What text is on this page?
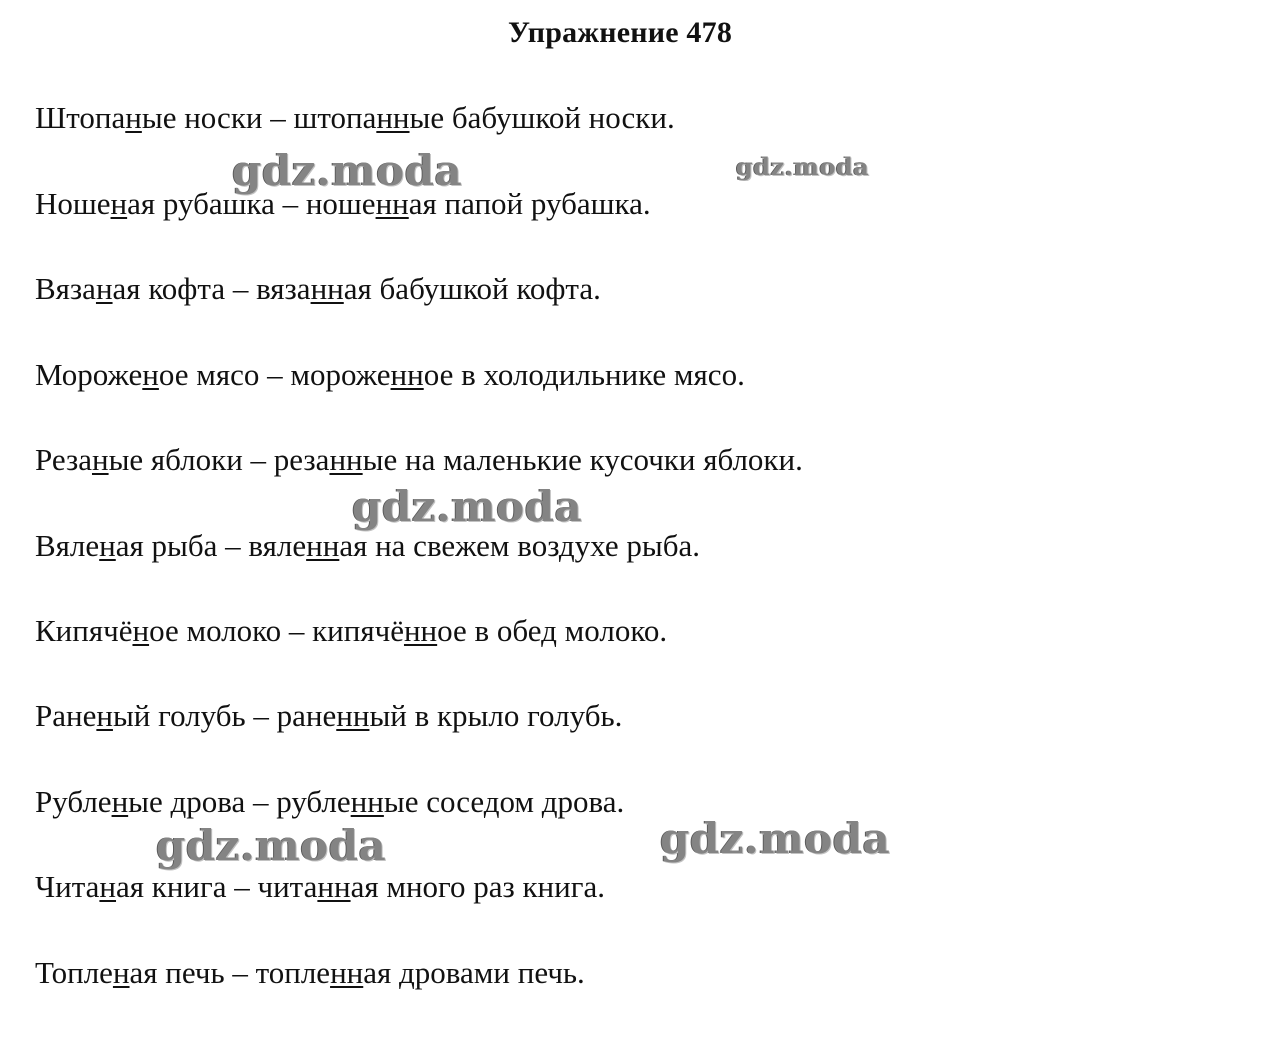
Упражнение 478
Штопаные носки – штопанные бабушкой носки.
Ношеная рубашка – ношенная папой рубашка.
Вязаная кофта – вязанная бабушкой кофта.
Мороженое мясо – мороженное в холодильнике мясо.
Резаные яблоки – резанные на маленькие кусочки яблоки.
Вяленая рыба – вяленная на свежем воздухе рыба.
Кипячёное молоко – кипячённое в обед молоко.
Раненый голубь – раненный в крыло голубь.
Рубленые дрова – рубленные соседом дрова.
Читаная книга – читанная много раз книга.
Топленая печь – топленная дровами печь.
gdz.moda	gdz.moda
gdz.moda
gdz.moda	gdz.moda
